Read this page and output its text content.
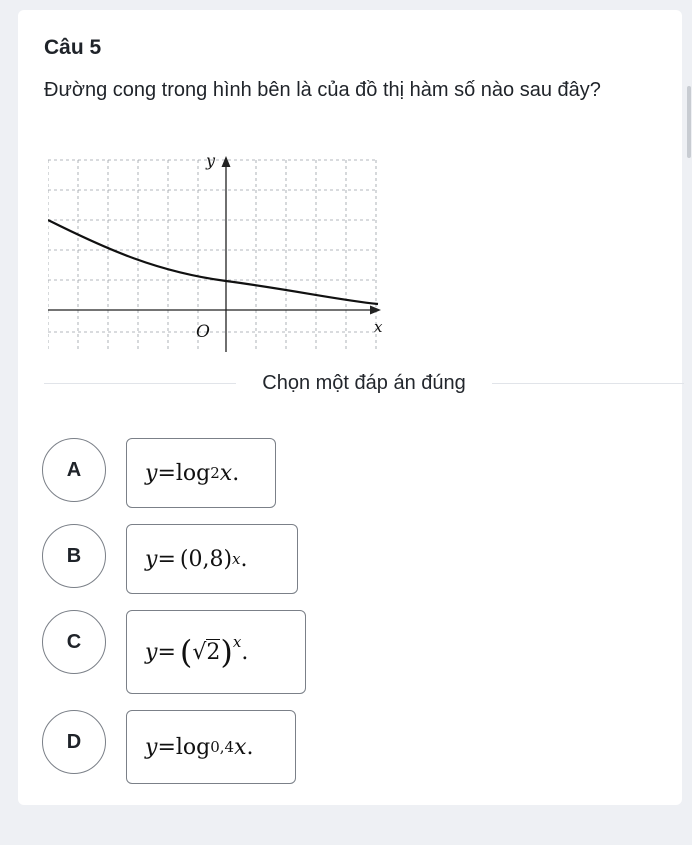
Câu 5
Đường cong trong hình bên là của đồ thị hàm số nào sau đây?
y
x
O
Chọn một đáp án đúng
A	y = log 2 x .
B	y = (0,8) x .
C	y = ( √ 2 )$^x$ .
D	y = log 0,4 x .
